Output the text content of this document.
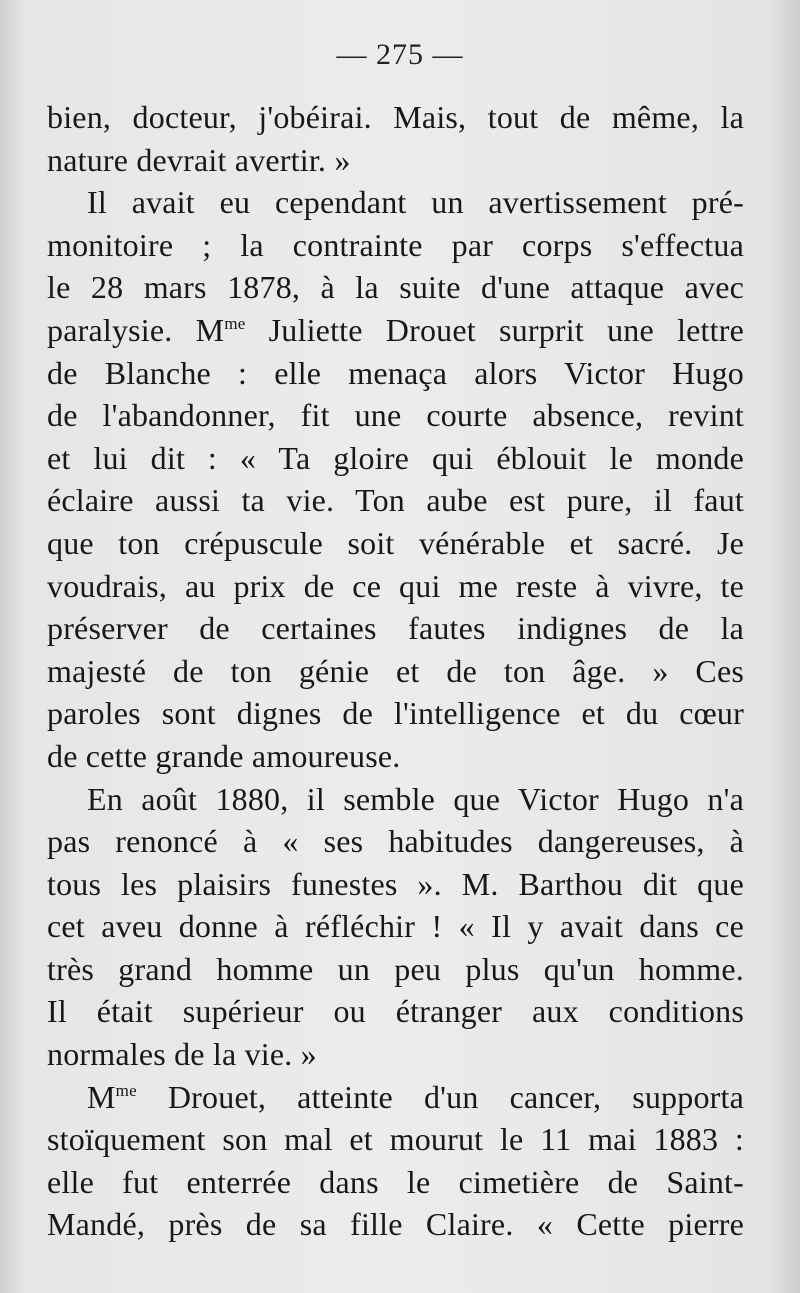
— 275 —
bien, docteur, j'obéirai. Mais, tout de même, la
nature devrait avertir. »
Il avait eu cependant un avertissement pré-
monitoire ; la contrainte par corps s'effectua
le 28 mars 1878, à la suite d'une attaque avec
paralysie. $M^{me}$ Juliette Drouet surprit une lettre
de Blanche : elle menaça alors Victor Hugo
de l'abandonner, fit une courte absence, revint
et lui dit : « Ta gloire qui éblouit le monde
éclaire aussi ta vie. Ton aube est pure, il faut
que ton crépuscule soit vénérable et sacré. Je
voudrais, au prix de ce qui me reste à vivre, te
préserver de certaines fautes indignes de la
majesté de ton génie et de ton âge. » Ces
paroles sont dignes de l'intelligence et du cœur
de cette grande amoureuse.
En août 1880, il semble que Victor Hugo n'a
pas renoncé à « ses habitudes dangereuses, à
tous les plaisirs funestes ». M. Barthou dit que
cet aveu donne à réfléchir ! « Il y avait dans ce
très grand homme un peu plus qu'un homme.
Il était supérieur ou étranger aux conditions
normales de la vie. »
$M^{me}$ Drouet, atteinte d'un cancer, supporta
stoïquement son mal et mourut le 11 mai 1883 :
elle fut enterrée dans le cimetière de Saint-
Mandé, près de sa fille Claire. « Cette pierre
